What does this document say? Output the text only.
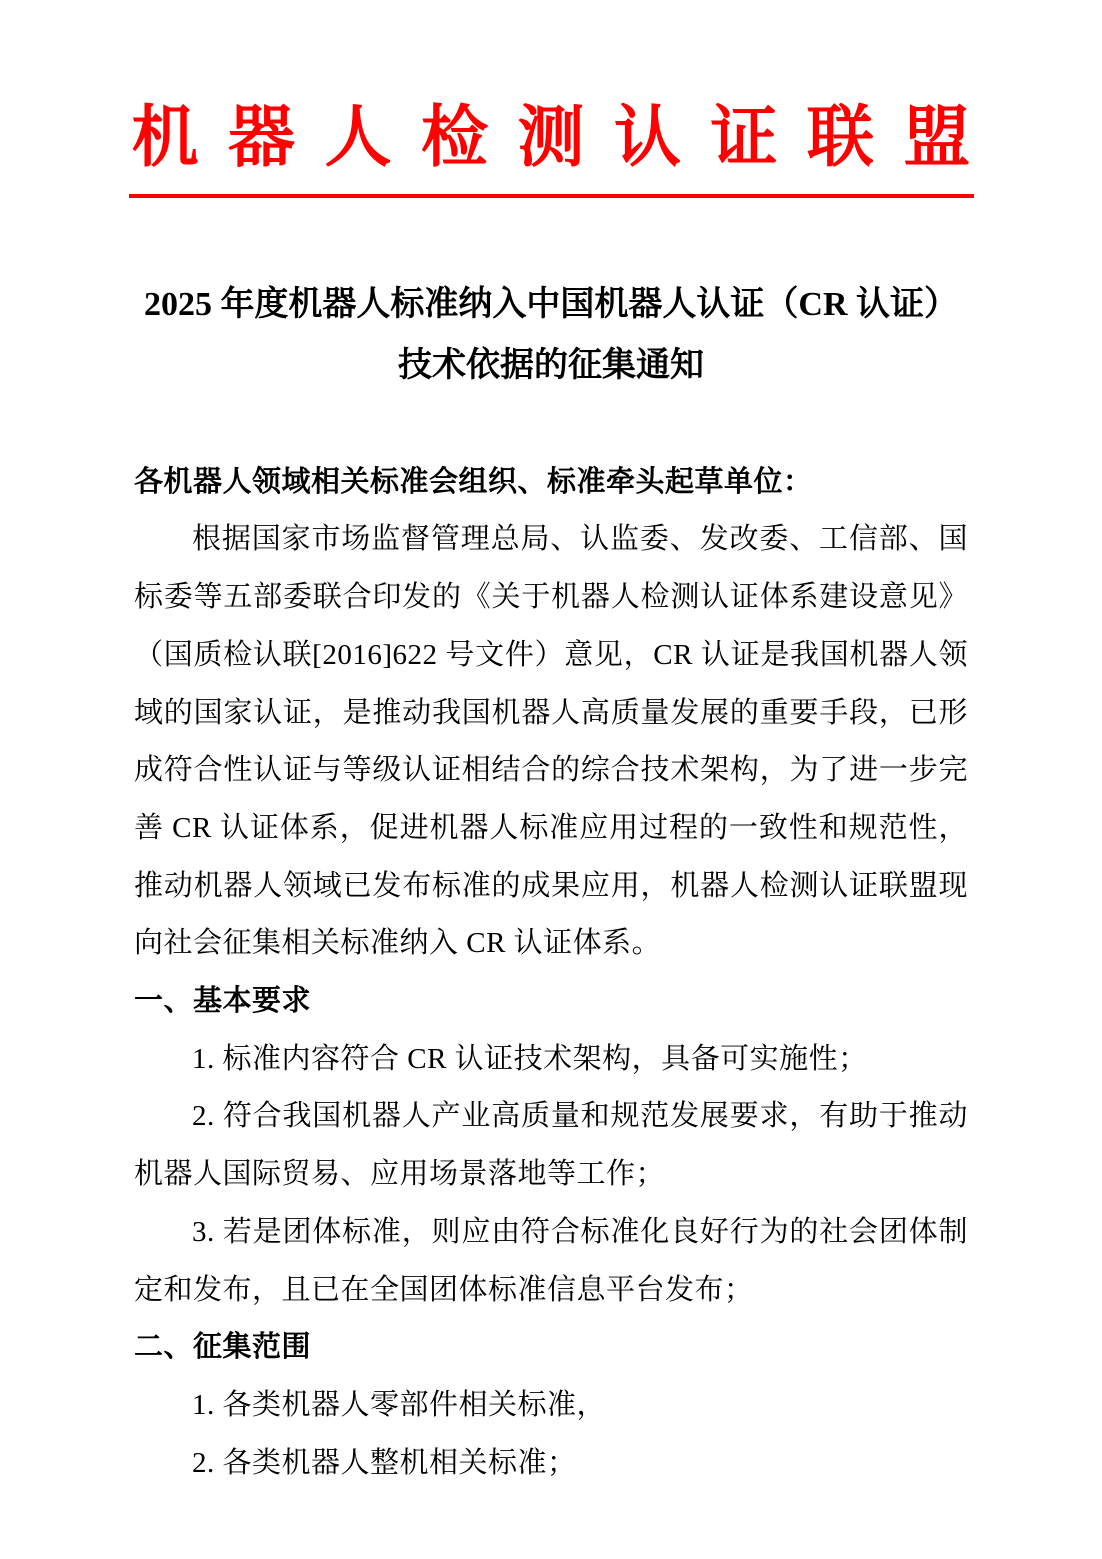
机器人检测认证联盟
2025 年度机器人标准纳入中国机器人认证（CR 认证）
技术依据的征集通知
各机器人领域相关标准会组织、标准牵头起草单位：
根据国家市场监督管理总局、认监委、发改委、工信部、国标委等五部委联合印发的《关于机器人检测认证体系建设意见》（国质检认联[2016]622 号文件）意见，CR 认证是我国机器人领域的国家认证，是推动我国机器人高质量发展的重要手段，已形成符合性认证与等级认证相结合的综合技术架构，为了进一步完善 CR 认证体系，促进机器人标准应用过程的一致性和规范性，推动机器人领域已发布标准的成果应用，机器人检测认证联盟现向社会征集相关标准纳入 CR 认证体系。
一、基本要求
1. 标准内容符合 CR 认证技术架构，具备可实施性；
2. 符合我国机器人产业高质量和规范发展要求，有助于推动机器人国际贸易、应用场景落地等工作；
3. 若是团体标准，则应由符合标准化良好行为的社会团体制定和发布，且已在全国团体标准信息平台发布；
二、征集范围
1. 各类机器人零部件相关标准，
2. 各类机器人整机相关标准；
